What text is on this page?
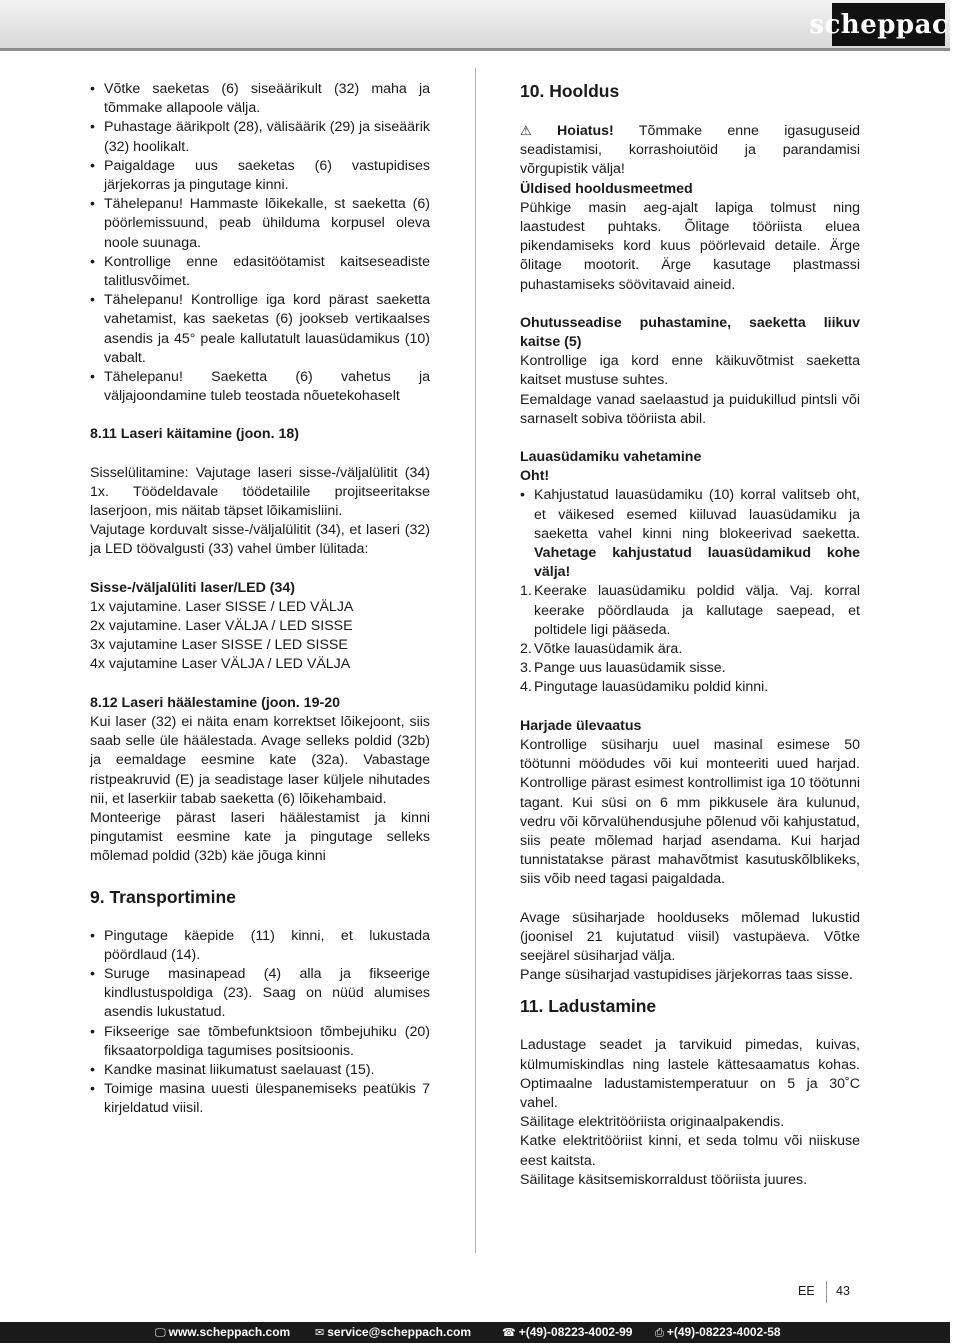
scheppach
• Võtke saeketas (6) siseäärikult (32) maha ja tõmmake allapoole välja.
• Puhastage äärikpolt (28), välisäärik (29) ja siseäärik (32) hoolikalt.
• Paigaldage uus saeketas (6) vastupidises järjekorras ja pingutage kinni.
• Tähelepanu! Hammaste lõikekalle, st saeketta (6) pöörlemissuund, peab ühilduma korpusel oleva noole suunaga.
• Kontrollige enne edasitöötamist kaitseseadiste talitlusvõimet.
• Tähelepanu! Kontrollige iga kord pärast saeketta vahetamist, kas saeketas (6) jookseb vertikaalses asendis ja 45° peale kallutatult lauasüdamikus (10) vabalt.
• Tähelepanu! Saeketta (6) vahetus ja väljajoondamine tuleb teostada nõuetekohaselt

8.11 Laseri käitamine (joon. 18)

Sisselülitamine: Vajutage laseri sisse-/väljalülitit (34) 1x. Töödeldavale töödetailile projitseeritakse laserjoon, mis näitab täpset lõikamisliini.

Vajutage korduvalt sisse-/väljalülitit (34), et laseri (32) ja LED töövalgusti (33) vahel ümber lülitada:

Sisse-/väljalüliti laser/LED (34)

1x vajutamine. Laser SISSE / LED VÄLJA

2x vajutamine. Laser VÄLJA / LED SISSE

3x vajutamine Laser SISSE / LED SISSE

4x vajutamine Laser VÄLJA / LED VÄLJA

8.12 Laseri häälestamine (joon. 19-20

Kui laser (32) ei näita enam korrektset lõikejoont, siis saab selle üle häälestada. Avage selleks poldid (32b) ja eemaldage eesmine kate (32a). Vabastage ristpeakruvid (E) ja seadistage laser küljele nihutades nii, et laserkiir tabab saeketta (6) lõikehambaid.

Monteerige pärast laseri häälestamist ja kinni pingutamist eesmine kate ja pingutage selleks mõlemad poldid (32b) käe jõuga kinni

9. Transportimine

• Pingutage käepide (11) kinni, et lukustada pöördlaud (14).
• Suruge masinapead (4) alla ja fikseerige kindlustuspoldiga (23). Saag on nüüd alumises asendis lukustatud.
• Fikseerige sae tõmbefunktsioon tõmbejuhiku (20) fiksaatorpoldiga tagumises positsioonis.
• Kandke masinat liikumatust saelauast (15).
• Toimige masina uuesti ülespanemiseks peatükis 7 kirjeldatud viisil.

10. Hooldus

⚠ Hoiatus! Tõmmake enne igasuguseid seadistamisi, korrashoiutöid ja parandamisi võrgupistik välja!

Üldised hooldusmeetmed

Pühkige masin aeg-ajalt lapiga tolmust ning laastudest puhtaks. Õlitage tööriista eluea pikendamiseks kord kuus pöörlevaid detaile. Ärge õlitage mootorit. Ärge kasutage plastmassi puhastamiseks söövitavaid aineid.

Ohutusseadise puhastamine, saeketta liikuv kaitse (5)

Kontrollige iga kord enne käikuvõtmist saeketta kaitset mustuse suhtes.

Eemaldage vanad saelaastud ja puidukillud pintsli või sarnaselt sobiva tööriista abil.

Lauasüdamiku vahetamine

Oht!

• Kahjustatud lauasüdamiku (10) korral valitseb oht, et väikesed esemed kiiluvad lauasüdamiku ja saeketta vahel kinni ning blokeerivad saeketta. Vahetage kahjustatud lauasüdamikud kohe välja!
1. Keerake lauasüdamiku poldid välja. Vaj. korral keerake pöördlauda ja kallutage saepead, et poltidele ligi pääseda.
2. Võtke lauasüdamik ära.
3. Pange uus lauasüdamik sisse.
4. Pingutage lauasüdamiku poldid kinni.

Harjade ülevaatus

Kontrollige süsiharju uuel masinal esimese 50 töötunni möödudes või kui monteeriti uued harjad. Kontrollige pärast esimest kontrollimist iga 10 töötunni tagant. Kui süsi on 6 mm pikkusele ära kulunud, vedru või kõrvalühendusjuhe põlenud või kahjustatud, siis peate mõlemad harjad asendama. Kui harjad tunnistatakse pärast mahavõtmist kasutuskõlblikeks, siis võib need tagasi paigaldada.

Avage süsiharjade hoolduseks mõlemad lukustid (joonisel 21 kujutatud viisil) vastupäeva. Võtke seejärel süsiharjad välja.

Pange süsiharjad vastupidises järjekorras taas sisse.

11. Ladustamine

Ladustage seadet ja tarvikuid pimedas, kuivas, külmumiskindlas ning lastele kättesaamatus kohas. Optimaalne ladustamistemperatuur on 5 ja 30˚C vahel.

Säilitage elektritööriista originaalpakendis.

Katke elektritööriist kinni, et seda tolmu või niiskuse eest kaitsta.

Säilitage käsitsemiskorraldust tööriista juures.

EE 43
🖵 www.scheppach.com ✉ service@scheppach.com	☎ +(49)-08223-4002-99 ⎙ +(49)-08223-4002-58
